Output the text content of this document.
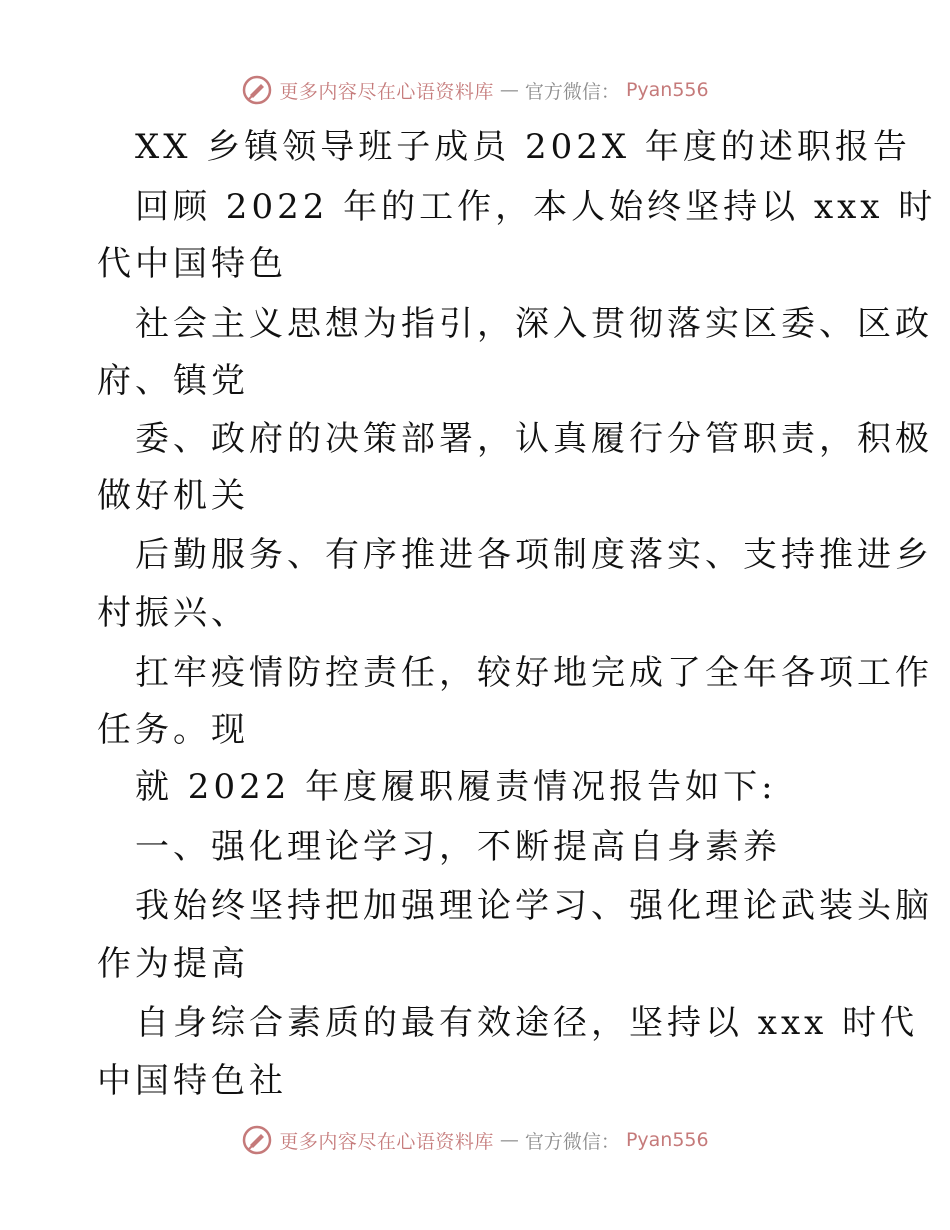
更多内容尽在心语资料库 — 官方微信： Pyan556
XX 乡镇领导班子成员 202X 年度的述职报告
回顾 2022 年的工作，本人始终坚持以 xxx 时
代中国特色
社会主义思想为指引，深入贯彻落实区委、区政
府、镇党
委、政府的决策部署，认真履行分管职责，积极
做好机关
后勤服务、有序推进各项制度落实、支持推进乡
村振兴、
扛牢疫情防控责任，较好地完成了全年各项工作
任务。现
就 2022 年度履职履责情况报告如下:
一、强化理论学习，不断提高自身素养
我始终坚持把加强理论学习、强化理论武装头脑
作为提高
自身综合素质的最有效途径，坚持以 xxx 时代
中国特色社
更多内容尽在心语资料库 — 官方微信： Pyan556
